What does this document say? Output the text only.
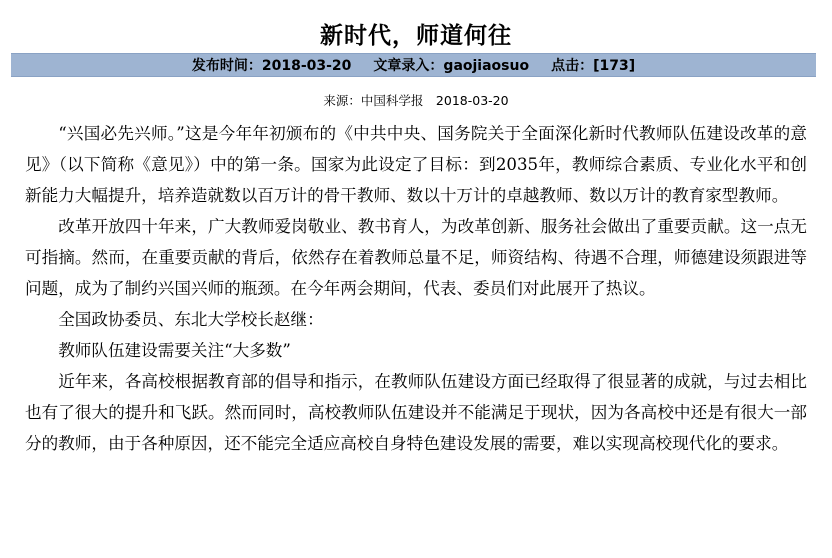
新时代，师道何往
发布时间：2018-03-20 文章录入：gaojiaosuo 点击：[173]
来源：中国科学报　2018-03-20

“兴国必先兴师。”这是今年年初颁布的《中共中央、国务院关于全面深化新时代教师队伍建设改革的意见》（以下简称《意见》）中的第一条。国家为此设定了目标：到2035年，教师综合素质、专业化水平和创新能力大幅提升，培养造就数以百万计的骨干教师、数以十万计的卓越教师、数以万计的教育家型教师。

改革开放四十年来，广大教师爱岗敬业、教书育人，为改革创新、服务社会做出了重要贡献。这一点无可指摘。然而，在重要贡献的背后，依然存在着教师总量不足，师资结构、待遇不合理，师德建设须跟进等问题，成为了制约兴国兴师的瓶颈。在今年两会期间，代表、委员们对此展开了热议。

全国政协委员、东北大学校长赵继：

教师队伍建设需要关注“大多数”

近年来，各高校根据教育部的倡导和指示，在教师队伍建设方面已经取得了很显著的成就，与过去相比也有了很大的提升和飞跃。然而同时，高校教师队伍建设并不能满足于现状，因为各高校中还是有很大一部分的教师，由于各种原因，还不能完全适应高校自身特色建设发展的需要，难以实现高校现代化的要求。
